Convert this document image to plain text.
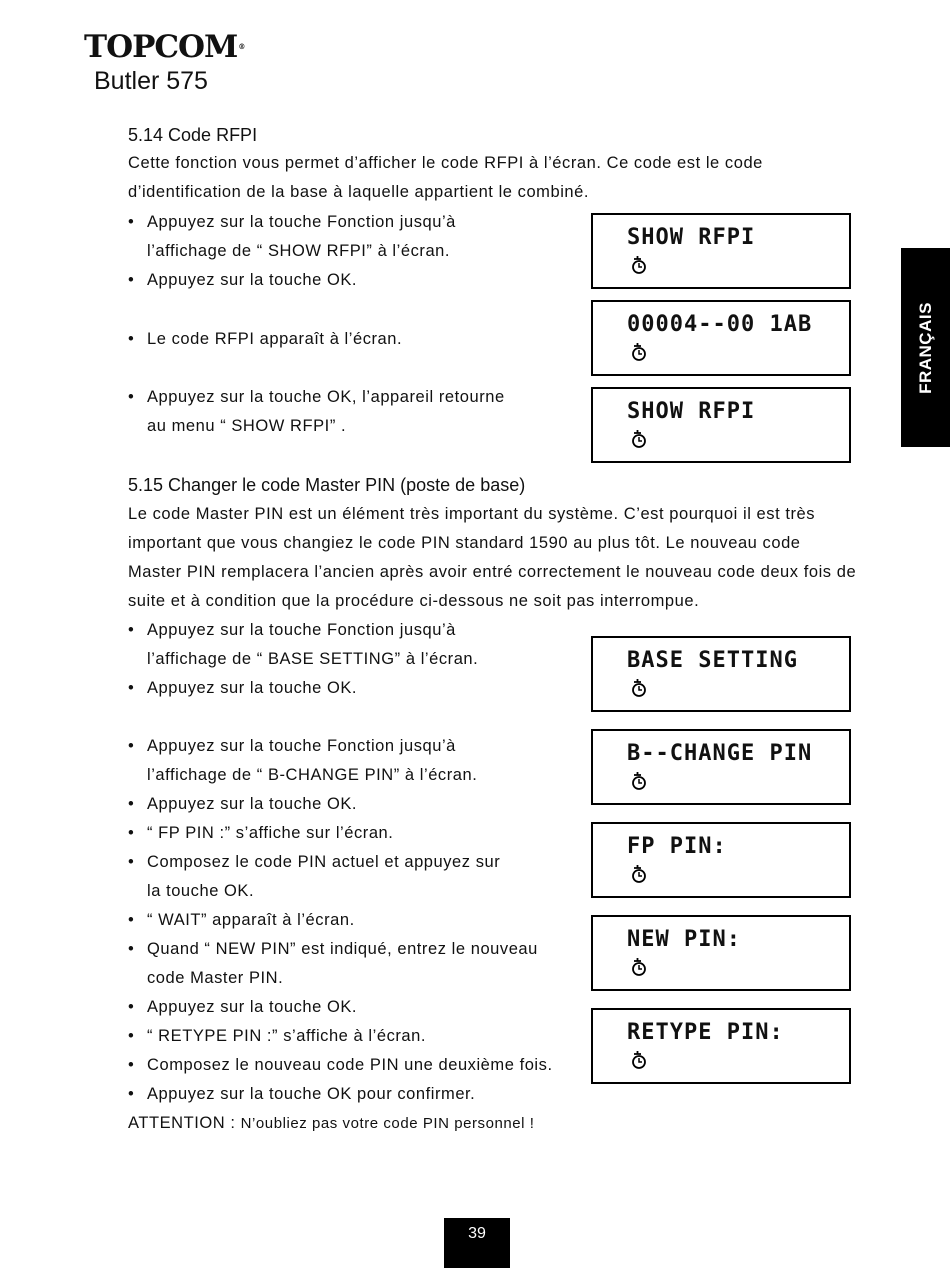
TOPCOM®
Butler 575
FRANÇAIS
5.14 Code RFPI

Cette fonction vous permet d’afficher le code RFPI à l’écran. Ce code est le code d’identification de la base à laquelle appartient le combiné.

• Appuyez sur la touche Fonction jusqu’à
l’affichage de “ SHOW RFPI” à l’écran.
• Appuyez sur la touche OK.
• Le code RFPI apparaît à l’écran.
• Appuyez sur la touche OK, l’appareil retourne
au menu “ SHOW RFPI” .
SHOW RFPI
00004--00 1AB
SHOW RFPI
5.15 Changer le code Master PIN (poste de base)

Le code Master PIN est un élément très important du système. C’est pourquoi il est très important que vous changiez le code PIN standard 1590 au plus tôt. Le nouveau code Master PIN remplacera l’ancien après avoir entré correctement le nouveau code deux fois de suite et à condition que la procédure ci-dessous ne soit pas interrompue.

• Appuyez sur la touche Fonction jusqu’à
l’affichage de “ BASE SETTING” à l’écran.
• Appuyez sur la touche OK.
• Appuyez sur la touche Fonction jusqu’à
l’affichage de “ B-CHANGE PIN” à l’écran.
• Appuyez sur la touche OK.
• “ FP PIN :” s’affiche sur l’écran.
• Composez le code PIN actuel et appuyez sur
la touche OK.
• “ WAIT” apparaît à l’écran.
• Quand “ NEW PIN” est indiqué, entrez le nouveau
code Master PIN.
• Appuyez sur la touche OK.
• “ RETYPE PIN :” s’affiche à l’écran.
• Composez le nouveau code PIN une deuxième fois.
• Appuyez sur la touche OK pour confirmer.
ATTENTION : N’oubliez pas votre code PIN personnel !
BASE SETTING
B--CHANGE PIN
FP PIN:
NEW PIN:
RETYPE PIN:
39
